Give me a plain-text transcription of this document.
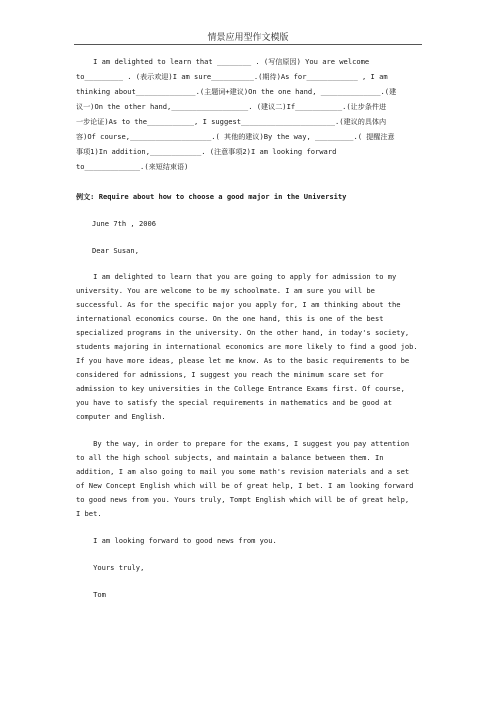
情景应用型作文模版
I am delighted to learn that ________ . (写信原因) You are welcome
to_________ . (表示欢迎)I am sure__________.(期待)As for____________ , I am
thinking about______________.(主题词+建议)On the one hand, ______________.(建
议一)On the other hand,__________________. (建议二)If___________.(让步条件进
一步论证)As to the___________, I suggest______________________.(建议的具体内
容)Of course,___________________.( 其他的建议)By the way, _________.( 提醒注意
事项1)In addition,____________. (注意事项2)I am looking forward
to_____________.(来短结束语)
例文: Require about how to choose a good major in the University
June 7th , 2006
Dear Susan,
I am delighted to learn that you are going to apply for admission to my
university. You are welcome to be my schoolmate. I am sure you will be
successful. As for the specific major you apply for, I am thinking about the
international economics course. On the one hand, this is one of the best
specialized programs in the university. On the other hand, in today's society,
students majoring in international economics are more likely to find a good job.
If you have more ideas, please let me know. As to the basic requirements to be
considered for admissions, I suggest you reach the minimum scare set for
admission to key universities in the College Entrance Exams first. Of course,
you have to satisfy the special requirements in mathematics and be good at
computer and English.
By the way, in order to prepare for the exams, I suggest you pay attention
to all the high school subjects, and maintain a balance between them. In
addition, I am also going to mail you some math's revision materials and a set
of New Concept English which will be of great help, I bet. I am looking forward
to good news from you. Yours truly, Tompt English which will be of great help,
I bet.
I am looking forward to good news from you.
Yours truly,
Tom
